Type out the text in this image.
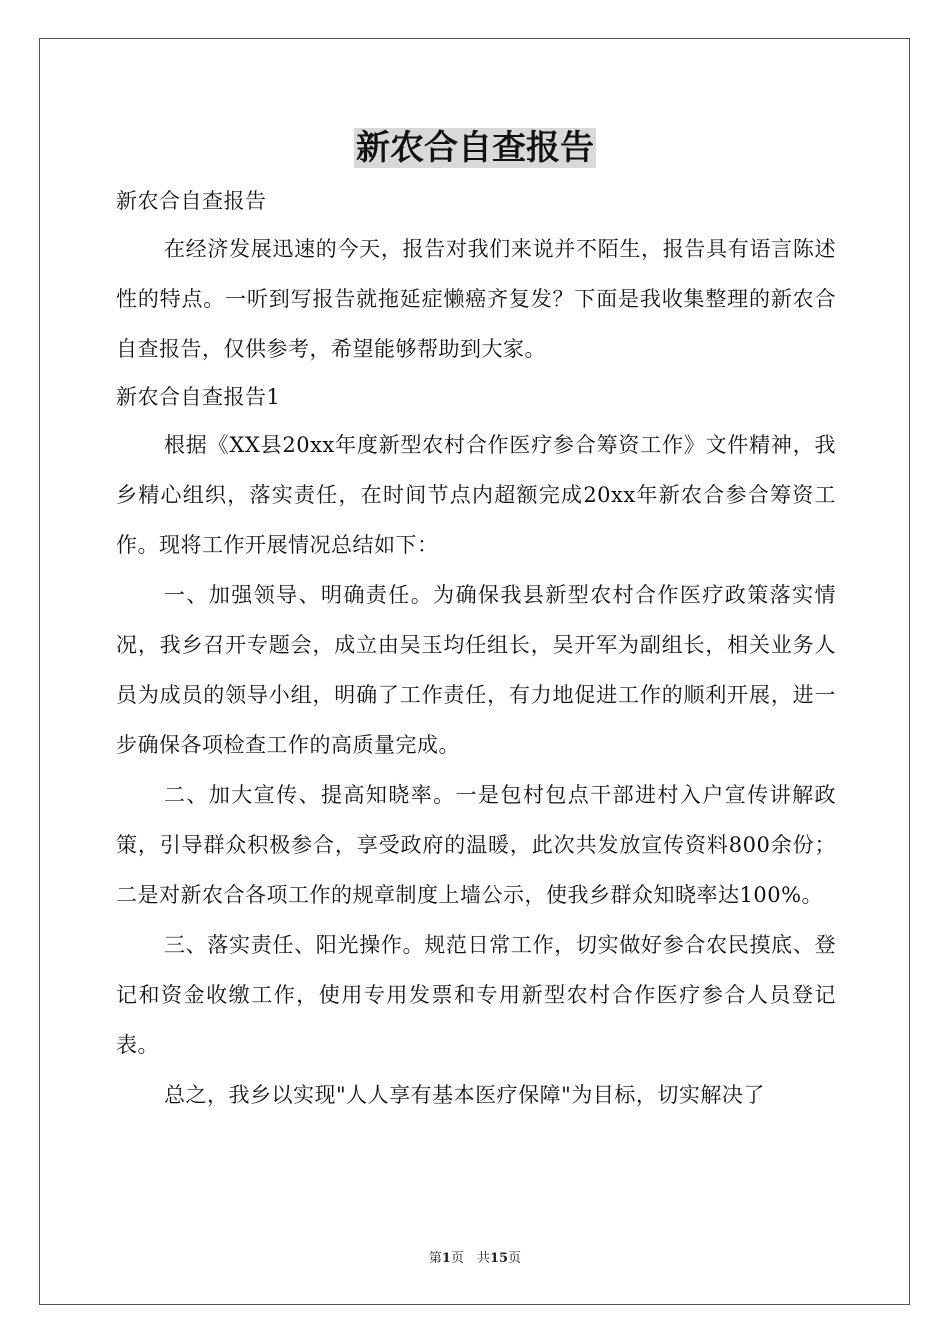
新农合自查报告

新农合自查报告

在经济发展迅速的今天，报告对我们来说并不陌生，报告具有语言陈述性的特点。一听到写报告就拖延症懒癌齐复发？下面是我收集整理的新农合自查报告，仅供参考，希望能够帮助到大家。

新农合自查报告1

根据《XX县20xx年度新型农村合作医疗参合筹资工作》文件精神，我乡精心组织，落实责任，在时间节点内超额完成20xx年新农合参合筹资工作。现将工作开展情况总结如下：

一、加强领导、明确责任。为确保我县新型农村合作医疗政策落实情况，我乡召开专题会，成立由吴玉均任组长，吴开军为副组长，相关业务人员为成员的领导小组，明确了工作责任，有力地促进工作的顺利开展，进一步确保各项检查工作的高质量完成。

二、加大宣传、提高知晓率。一是包村包点干部进村入户宣传讲解政策，引导群众积极参合，享受政府的温暖，此次共发放宣传资料800余份；二是对新农合各项工作的规章制度上墙公示，使我乡群众知晓率达100%。

三、落实责任、阳光操作。规范日常工作，切实做好参合农民摸底、登记和资金收缴工作，使用专用发票和专用新型农村合作医疗参合人员登记表。

总之，我乡以实现"人人享有基本医疗保障"为目标，切实解决了

第1页　共15页
